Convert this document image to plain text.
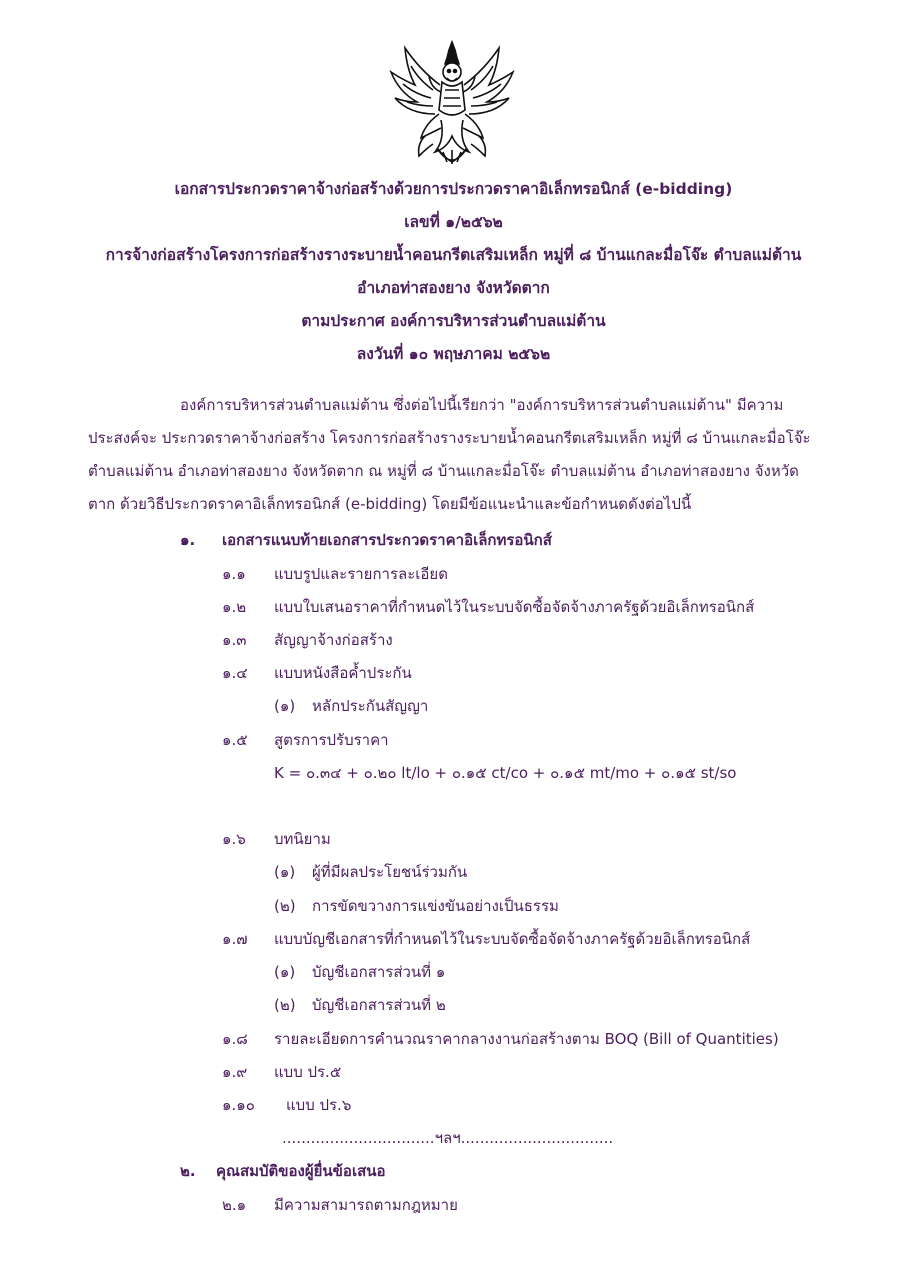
เอกสารประกวดราคาจ้างก่อสร้างด้วยการประกวดราคาอิเล็กทรอนิกส์ (e-bidding)
เลขที่ ๑/๒๕๖๒
การจ้างก่อสร้างโครงการก่อสร้างรางระบายน้ำคอนกรีตเสริมเหล็ก หมู่ที่ ๘ บ้านแกละมื่อโจ๊ะ ตำบลแม่ต้าน
อำเภอท่าสองยาง จังหวัดตาก
ตามประกาศ องค์การบริหารส่วนตำบลแม่ต้าน
ลงวันที่ ๑๐ พฤษภาคม ๒๕๖๒
องค์การบริหารส่วนตำบลแม่ต้าน ซึ่งต่อไปนี้เรียกว่า "องค์การบริหารส่วนตำบลแม่ต้าน" มีความ
ประสงค์จะ ประกวดราคาจ้างก่อสร้าง โครงการก่อสร้างรางระบายน้ำคอนกรีตเสริมเหล็ก หมู่ที่ ๘ บ้านแกละมื่อโจ๊ะ
ตำบลแม่ต้าน อำเภอท่าสองยาง จังหวัดตาก ณ หมู่ที่ ๘ บ้านแกละมื่อโจ๊ะ ตำบลแม่ต้าน อำเภอท่าสองยาง จังหวัด
ตาก ด้วยวิธีประกวดราคาอิเล็กทรอนิกส์ (e-bidding) โดยมีข้อแนะนำและข้อกำหนดดังต่อไปนี้
๑. เอกสารแนบท้ายเอกสารประกวดราคาอิเล็กทรอนิกส์
๑.๑ แบบรูปและรายการละเอียด
๑.๒ แบบใบเสนอราคาที่กำหนดไว้ในระบบจัดซื้อจัดจ้างภาครัฐด้วยอิเล็กทรอนิกส์
๑.๓ สัญญาจ้างก่อสร้าง
๑.๔ แบบหนังสือค้ำประกัน
(๑) หลักประกันสัญญา
๑.๕ สูตรการปรับราคา
K = ๐.๓๔ + ๐.๒๐ lt/lo + ๐.๑๕ ct/co + ๐.๑๕ mt/mo + ๐.๑๕ st/so
๑.๖ บทนิยาม
(๑) ผู้ที่มีผลประโยชน์ร่วมกัน
(๒) การขัดขวางการแข่งขันอย่างเป็นธรรม
๑.๗ แบบบัญชีเอกสารที่กำหนดไว้ในระบบจัดซื้อจัดจ้างภาครัฐด้วยอิเล็กทรอนิกส์
(๑) บัญชีเอกสารส่วนที่ ๑
(๒) บัญชีเอกสารส่วนที่ ๒
๑.๘ รายละเอียดการคำนวณราคากลางงานก่อสร้างตาม BOQ (Bill of Quantities)
๑.๙ แบบ ปร.๕
๑.๑๐ แบบ ปร.๖
................................ฯลฯ................................
๒. คุณสมบัติของผู้ยื่นข้อเสนอ
๒.๑ มีความสามารถตามกฎหมาย
